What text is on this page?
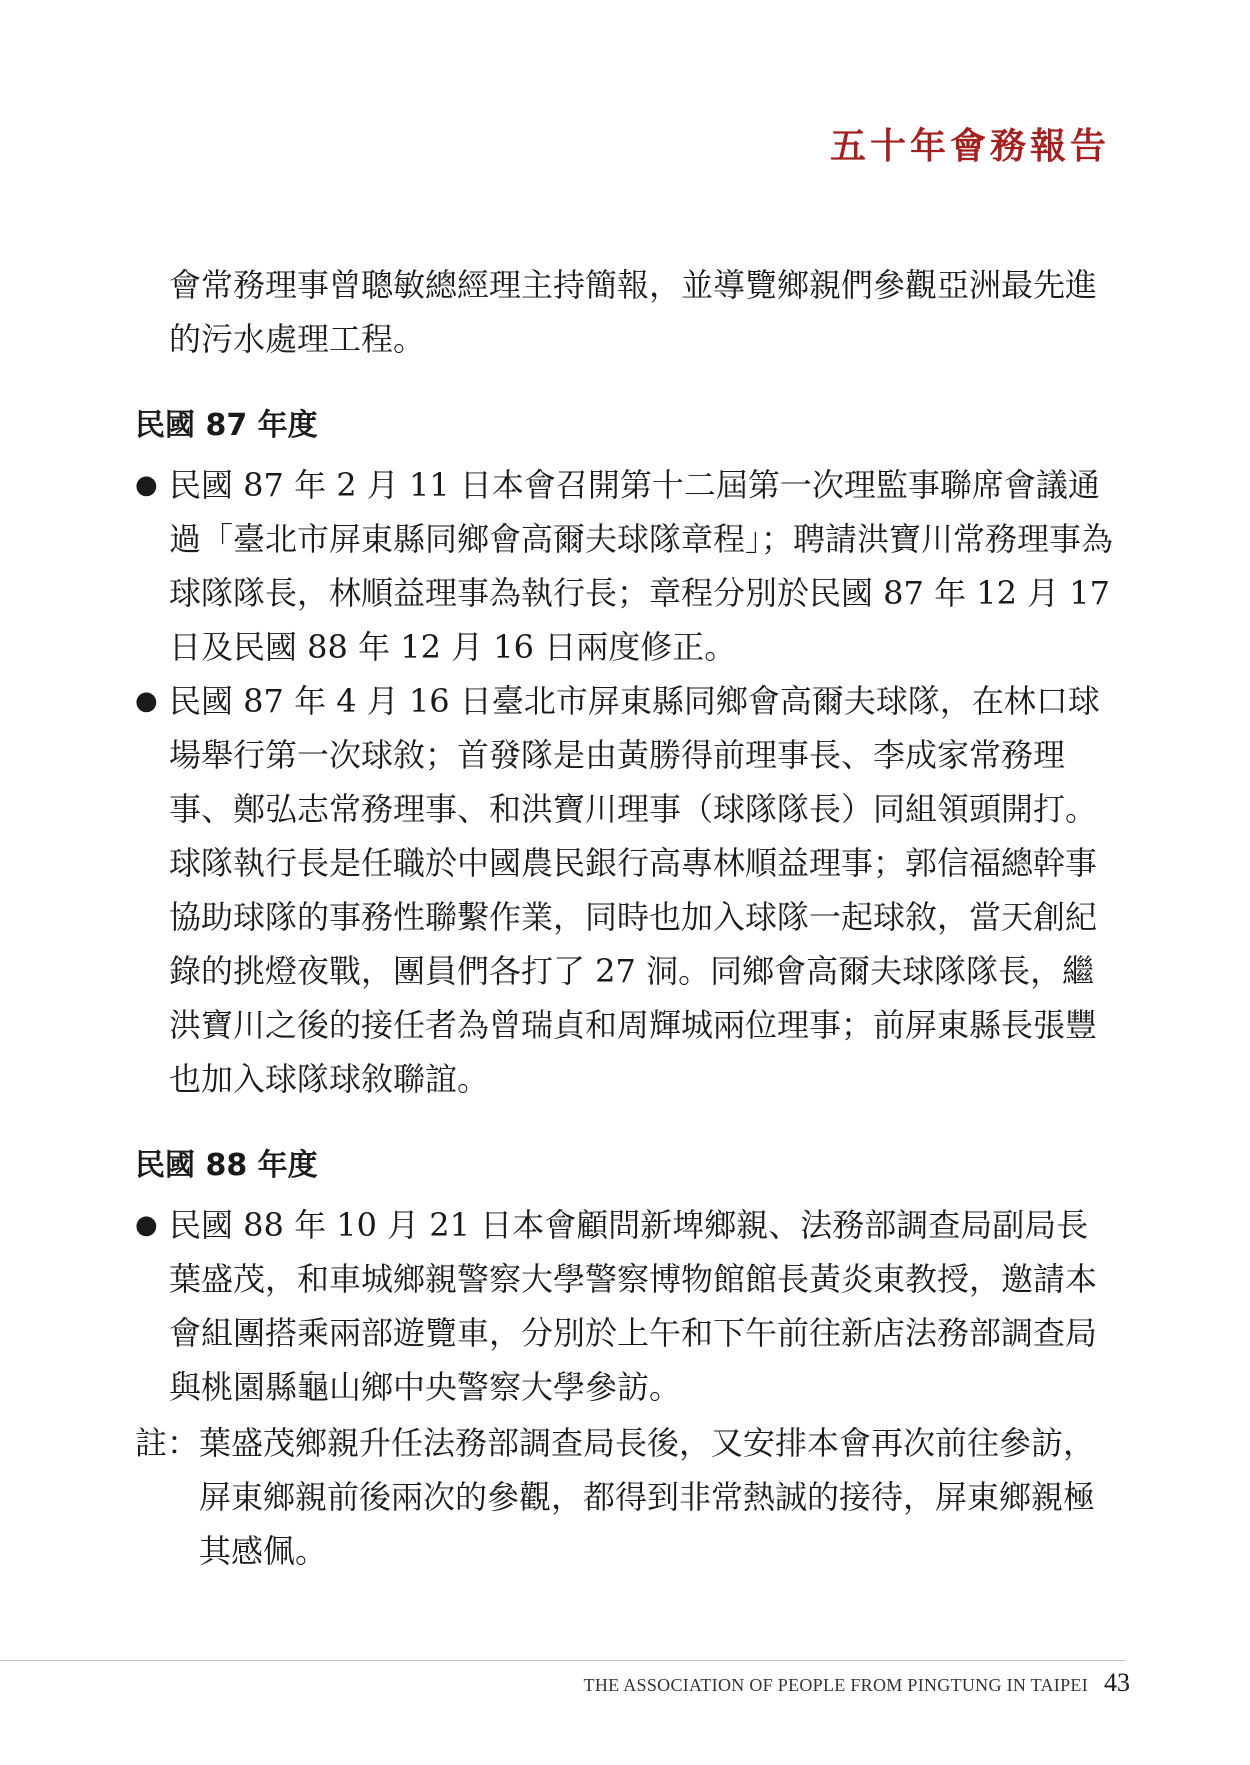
五十年會務報告

會常務理事曾聰敏總經理主持簡報，並導覽鄉親們參觀亞洲最先進的污水處理工程。

民國 87 年度
● 民國 87 年 2 月 11 日本會召開第十二屆第一次理監事聯席會議通過「臺北市屏東縣同鄉會高爾夫球隊章程」；聘請洪寶川常務理事為球隊隊長，林順益理事為執行長；章程分別於民國 87 年 12 月 17 日及民國 88 年 12 月 16 日兩度修正。

● 民國 87 年 4 月 16 日臺北市屏東縣同鄉會高爾夫球隊，在林口球場舉行第一次球敘；首發隊是由黃勝得前理事長、李成家常務理事、鄭弘志常務理事、和洪寶川理事（球隊隊長）同組領頭開打。球隊執行長是任職於中國農民銀行高專林順益理事；郭信福總幹事協助球隊的事務性聯繫作業，同時也加入球隊一起球敘，當天創紀錄的挑燈夜戰，團員們各打了 27 洞。同鄉會高爾夫球隊隊長，繼洪寶川之後的接任者為曾瑞貞和周輝城兩位理事；前屏東縣長張豐　也加入球隊球敘聯誼。

民國 88 年度
● 民國 88 年 10 月 21 日本會顧問新埤鄉親、法務部調查局副局長葉盛茂，和車城鄉親警察大學警察博物館館長黃炎東教授，邀請本會組團搭乘兩部遊覽車，分別於上午和下午前往新店法務部調查局與桃園縣龜山鄉中央警察大學參訪。

註： 葉盛茂鄉親升任法務部調查局長後，又安排本會再次前往參訪，屏東鄉親前後兩次的參觀，都得到非常熱誠的接待，屏東鄉親極其感佩。

THE ASSOCIATION OF PEOPLE FROM PINGTUNG IN TAIPEI 43
